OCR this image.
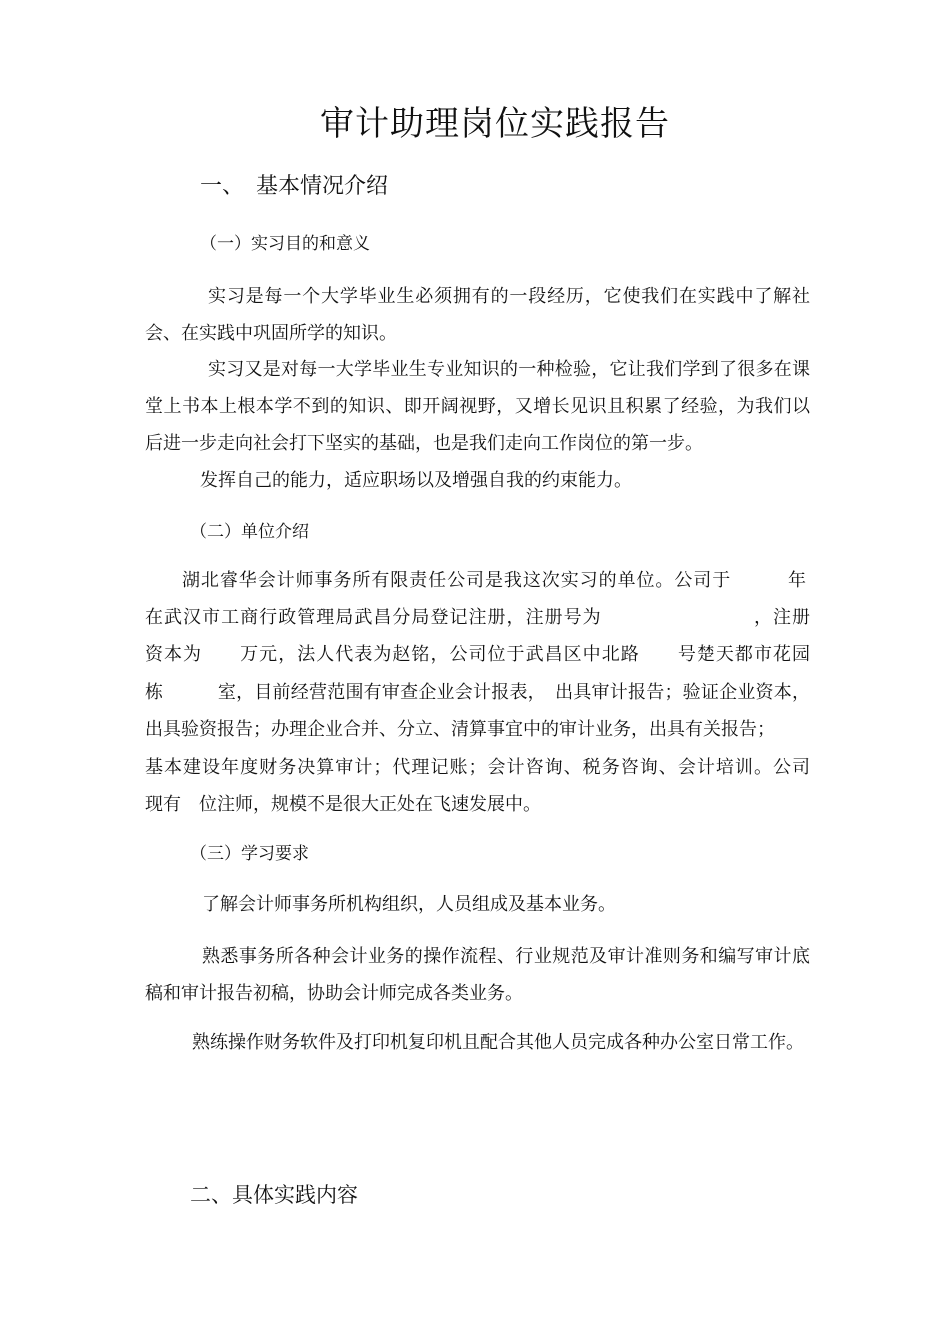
审计助理岗位实践报告
一、 基本情况介绍
（一）实习目的和意义
实习是每一个大学毕业生必须拥有的一段经历，它使我们在实践中了解社会、在实践中巩固所学的知识。
实习又是对每一大学毕业生专业知识的一种检验，它让我们学到了很多在课堂上书本上根本学不到的知识、即开阔视野，又增长见识且积累了经验，为我们以后进一步走向社会打下坚实的基础，也是我们走向工作岗位的第一步。
发挥自己的能力，适应职场以及增强自我的约束能力。
（二）单位介绍
湖北睿华会计师事务所有限责任公司是我这次实习的单位。公司于　　　年
在武汉市工商行政管理局武昌分局登记注册，注册号为　　　　　　　　，注册
资本为　　万元，法人代表为赵铭，公司位于武昌区中北路　　号楚天都市花园
栋　　　室，目前经营范围有审查企业会计报表，　出具审计报告；验证企业资本，
出具验资报告；办理企业合并、分立、清算事宜中的审计业务，出具有关报告；
基本建设年度财务决算审计；代理记账；会计咨询、税务咨询、会计培训。公司
现有　位注师，规模不是很大正处在飞速发展中。
（三）学习要求
了解会计师事务所机构组织，人员组成及基本业务。
熟悉事务所各种会计业务的操作流程、行业规范及审计准则务和编写审计底稿和审计报告初稿，协助会计师完成各类业务。
熟练操作财务软件及打印机复印机且配合其他人员完成各种办公室日常工作。
二、具体实践内容
